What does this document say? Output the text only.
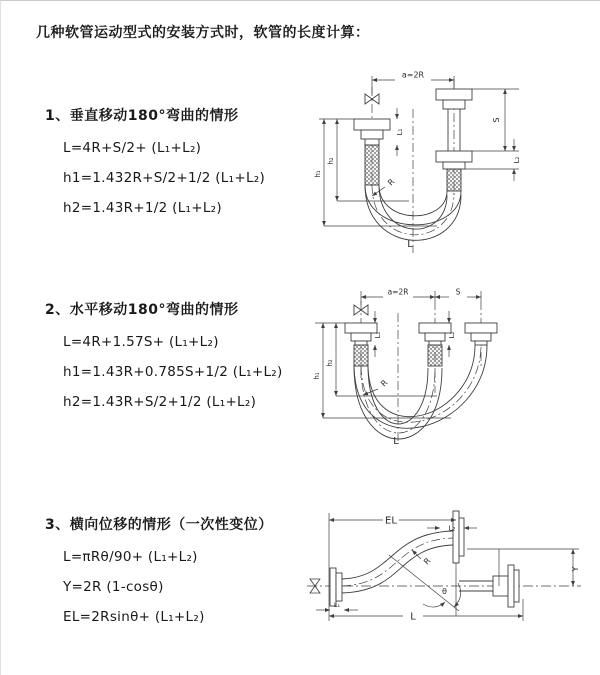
几种软管运动型式的安装方式时，软管的长度计算：
1、垂直移动180°弯曲的情形
L=4R+S/2+ (L₁+L₂)
h1=1.432R+S/2+1/2 (L₁+L₂)
h2=1.43R+1/2 (L₁+L₂)
2、水平移动180°弯曲的情形
L=4R+1.57S+ (L₁+L₂)
h1=1.43R+0.785S+1/2 (L₁+L₂)
h2=1.43R+S/2+1/2 (L₁+L₂)
3、横向位移的情形（一次性变位）
L=πRθ/90+ (L₁+L₂)
Y=2R (1-cosθ)
EL=2Rsinθ+ (L₁+L₂)
a=2R
S
L₂
h₂
h₁
L₁
R
L
a=2R	S
L₁	L₂
h₂
h₁
R
L
EL
L₂
Y
R
θ
L
L₁
